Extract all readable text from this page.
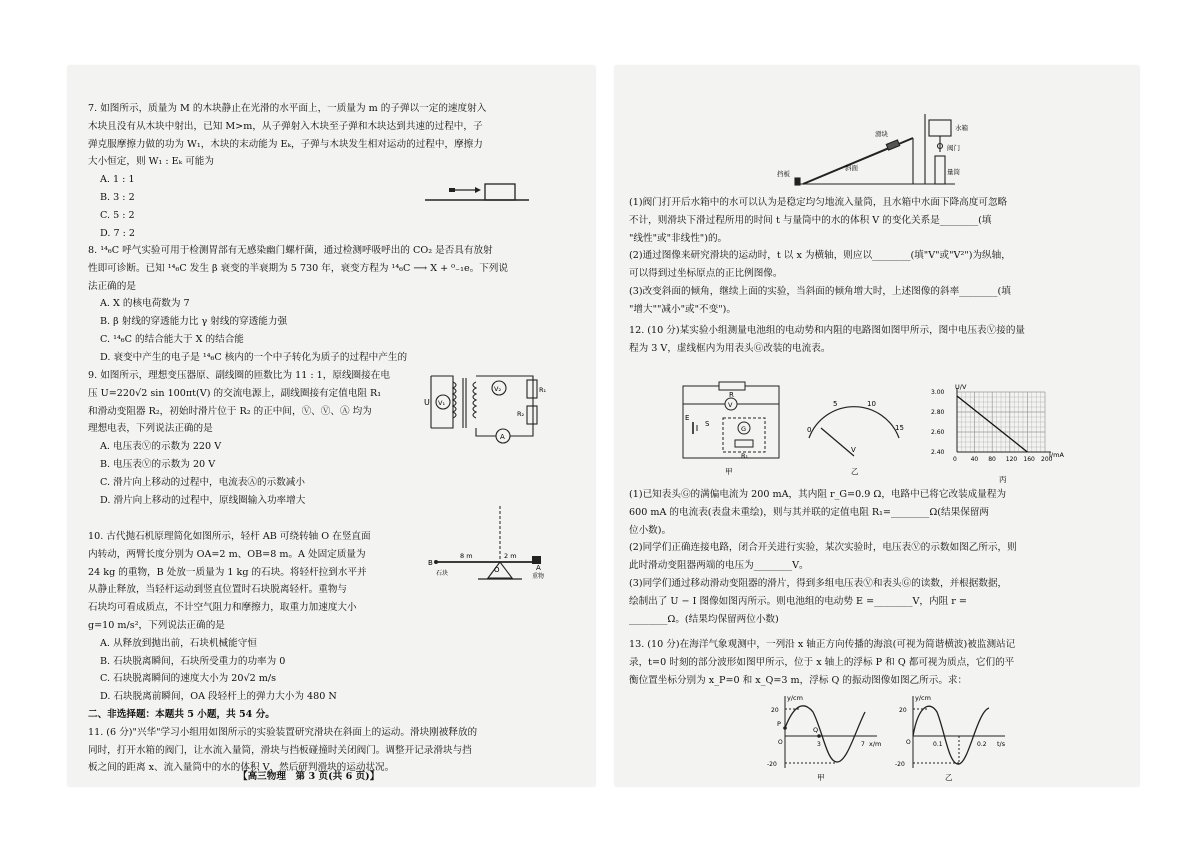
7. 如图所示，质量为 M 的木块静止在光滑的水平面上，一质量为 m 的子弹以一定的速度射入

木块且没有从木块中射出，已知 M>m，从子弹射入木块至子弹和木块达到共速的过程中，子

弹克服摩擦力做的功为 W₁，木块的末动能为 Eₖ，子弹与木块发生相对运动的过程中，摩擦力

大小恒定，则 W₁ : Eₖ 可能为

A. 1 : 1

B. 3 : 2

C. 5 : 2

D. 7 : 2

8. ¹⁴₆C 呼气实验可用于检测胃部有无感染幽门螺杆菌，通过检测呼吸呼出的 CO₂ 是否具有放射

性即可诊断。已知 ¹⁴₆C 发生 β 衰变的半衰期为 5 730 年，衰变方程为 ¹⁴₆C ⟶ X + ⁰₋₁e。下列说

法正确的是

A. X 的核电荷数为 7

B. β 射线的穿透能力比 γ 射线的穿透能力强

C. ¹⁴₆C 的结合能大于 X 的结合能

D. 衰变中产生的电子是 ¹⁴₆C 核内的一个中子转化为质子的过程中产生的

9. 如图所示，理想变压器原、副线圈的匝数比为 11 : 1，原线圈接在电

压 U=220√2 sin 100πt(V) 的交流电源上，副线圈接有定值电阻 R₁

和滑动变阻器 R₂，初始时滑片位于 R₂ 的正中间，Ⓥ、Ⓥ、Ⓐ 均为

理想电表，下列说法正确的是

A. 电压表Ⓥ的示数为 220 V

B. 电压表Ⓥ的示数为 20 V

C. 滑片向上移动的过程中，电流表Ⓐ的示数减小

D. 滑片向上移动的过程中，原线圈输入功率增大

U V₁
V₂
A
R₁
R₂

10. 古代抛石机原理简化如图所示，轻杆 AB 可绕转轴 O 在竖直面

内转动，两臂长度分别为 OA=2 m、OB=8 m。A 处固定质量为

24 kg 的重物，B 处放一质量为 1 kg 的石块。将轻杆拉到水平并

从静止释放，当轻杆运动到竖直位置时石块脱离轻杆。重物与

石块均可看成质点，不计空气阻力和摩擦力，取重力加速度大小

g=10 m/s²，下列说法正确的是

A. 从释放到抛出前，石块机械能守恒

B. 石块脱离瞬间，石块所受重力的功率为 0

C. 石块脱离瞬间的速度大小为 20√2 m/s

D. 石块脱离前瞬间，OA 段轻杆上的弹力大小为 480 N

B
石块	O	A
重物
8 m	2 m

二、非选择题：本题共 5 小题，共 54 分。

11. (6 分)"兴华"学习小组用如图所示的实验装置研究滑块在斜面上的运动。滑块刚被释放的

同时，打开水箱的阀门，让水流入量筒，滑块与挡板碰撞时关闭阀门。调整开记录滑块与挡

板之间的距离 x、流入量筒中的水的体积 V，然后研判滑块的运动状况。

【高三物理　第 3 页(共 6 页)】
水箱
阀门
量筒
滑块
斜面
挡板

(1)阀门打开后水箱中的水可以认为是稳定均匀地流入量筒，且水箱中水面下降高度可忽略

不计，则滑块下滑过程所用的时间 t 与量筒中的水的体积 V 的变化关系是________(填

"线性"或"非线性")的。

(2)通过图像来研究滑块的运动时，t 以 x 为横轴，则应以________(填"V"或"V²")为纵轴，

可以得到过坐标原点的正比例图像。

(3)改变斜面的倾角，继续上面的实验，当斜面的倾角增大时，上述图像的斜率________(填

"增大""减小"或"不变")。

12. (10 分)某实验小组测量电池组的电动势和内阻的电路图如图甲所示，图中电压表Ⓥ接的量

程为 3 V，虚线框内为用表头Ⓖ改装的电流表。

R
V
E
S
G
R₁
甲
0
5	10
15
V
乙
0 40 80 120 160 200
2.40
2.60
2.80
3.00
U/V
I/mA
丙

(1)已知表头Ⓖ的满偏电流为 200 mA，其内阻 r_G=0.9 Ω，电路中已将它改装成量程为

600 mA 的电流表(表盘未重绘)，则与其并联的定值电阻 R₁=________Ω(结果保留两

位小数)。

(2)同学们正确连接电路，闭合开关进行实验，某次实验时，电压表Ⓥ的示数如图乙所示，则

此时滑动变阻器两端的电压为________V。

(3)同学们通过移动滑动变阻器的滑片，得到多组电压表Ⓥ和表头Ⓖ的读数，并根据数据，

绘制出了 U − I 图像如图丙所示。则电池组的电动势 E =________V，内阻 r =

________Ω。(结果均保留两位小数)

13. (10 分)在海洋气象观测中，一列沿 x 轴正方向传播的海浪(可视为简谐横波)被监测站记

录，t=0 时刻的部分波形如图甲所示，位于 x 轴上的浮标 P 和 Q 都可视为质点，它们的平

衡位置坐标分别为 x_P=0 和 x_Q=3 m，浮标 Q 的振动图像如图乙所示。求：

y/cm
x/m
20
-20
3	7
P
Q
O
甲
y/cm
t/s
20
-20
0.1	0.2
O
乙
